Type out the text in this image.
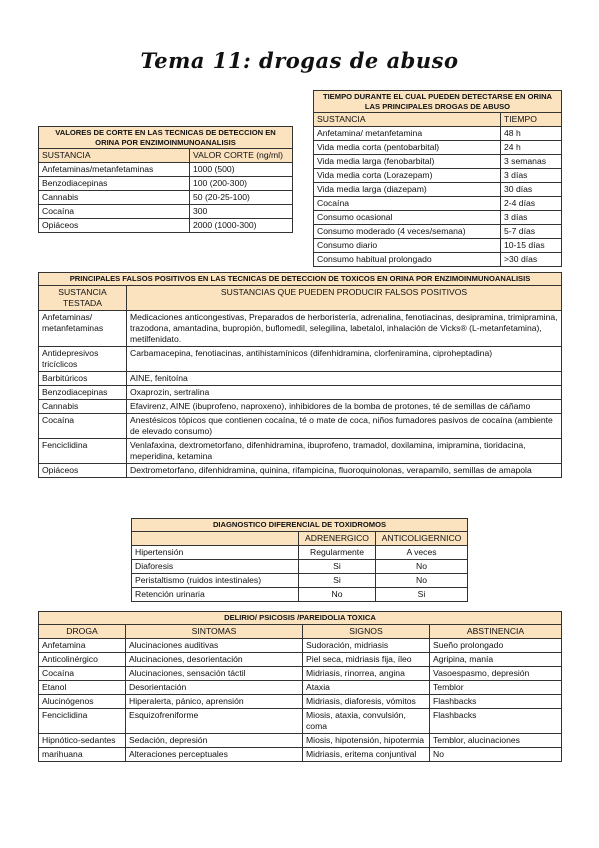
Tema 11: drogas de abuso
VALORES DE CORTE EN LAS TECNICAS DE DETECCION EN ORINA POR ENZIMOINMUNOANALISIS	
SUSTANCIA	VALOR CORTE (ng/ml)
Anfetaminas/metanfetaminas	1000 (500)
Benzodiacepinas	100 (200-300)
Cannabis	50 (20-25-100)
Cocaína	300
Opiáceos	2000 (1000-300)
TIEMPO DURANTE EL CUAL PUEDEN DETECTARSE EN ORINA LAS PRINCIPALES DROGAS DE ABUSO	
SUSTANCIA	TIEMPO
Anfetamina/ metanfetamina	48 h
Vida media corta (pentobarbital)	24 h
Vida media larga (fenobarbital)	3 semanas
Vida media corta (Lorazepam)	3 días
Vida media larga (diazepam)	30 días
Cocaína	2-4 días
Consumo ocasional	3 días
Consumo moderado (4 veces/semana)	5-7 días
Consumo diario	10-15 días
Consumo habitual prolongado	>30 días
PRINCIPALES FALSOS POSITIVOS EN LAS TECNICAS DE DETECCION DE TOXICOS EN ORINA POR ENZIMOINMUNOANALISIS	
SUSTANCIA TESTADA	SUSTANCIAS QUE PUEDEN PRODUCIR FALSOS POSITIVOS
Anfetaminas/ metanfetaminas	Medicaciones anticongestivas, Preparados de herboristería, adrenalina, fenotiacinas, desipramina, trimipramina, trazodona, amantadina, bupropión, buflomedil, selegilina, labetalol, inhalación de Vicks® (L-metanfetamina), metilfenidato.
Antidepresivos tricíclicos	Carbamacepina, fenotiacinas, antihistamínicos (difenhidramina, clorfeniramina, ciproheptadina)
Barbitúricos	AINE, fenitoína
Benzodiacepinas	Oxaprozin, sertralina
Cannabis	Efavirenz, AINE (ibuprofeno, naproxeno), inhibidores de la bomba de protones, té de semillas de cáñamo
Cocaína	Anestésicos tópicos que contienen cocaína, té o mate de coca, niños fumadores pasivos de cocaína (ambiente de elevado consumo)
Fenciclidina	Venlafaxina, dextrometorfano, difenhidramina, ibuprofeno, tramadol, doxilamina, imipramina, tioridacina, meperidina, ketamina
Opiáceos	Dextrometorfano, difenhidramina, quinina, rifampicina, fluoroquinolonas, verapamilo, semillas de amapola
DIAGNOSTICO DIFERENCIAL DE TOXIDROMOS		
	ADRENERGICO	ANTICOLIGERNICO
Hipertensión	Regularmente	A veces
Diaforesis	Si	No
Peristaltismo (ruidos intestinales)	Si	No
Retención urinaria	No	Si
DELIRIO/ PSICOSIS /PAREIDOLIA TOXICA			
DROGA	SINTOMAS	SIGNOS	ABSTINENCIA
Anfetamina	Alucinaciones auditivas	Sudoración, midriasis	Sueño prolongado
Anticolinérgico	Alucinaciones, desorientación	Piel seca, midriasis fija, íleo	Agripina, manía
Cocaína	Alucinaciones, sensación táctil	Midriasis, rinorrea, angina	Vasoespasmo, depresión
Etanol	Desorientación	Ataxia	Temblor
Alucinógenos	Hiperalerta, pánico, aprensión	Midriasis, diaforesis, vómitos	Flashbacks
Fenciclidina	Esquizofreniforme	Miosis, ataxia, convulsión, coma	Flashbacks
Hipnótico-sedantes	Sedación, depresión	Miosis, hipotensión, hipotermia	Temblor, alucinaciones
marihuana	Alteraciones perceptuales	Midriasis, eritema conjuntival	No
